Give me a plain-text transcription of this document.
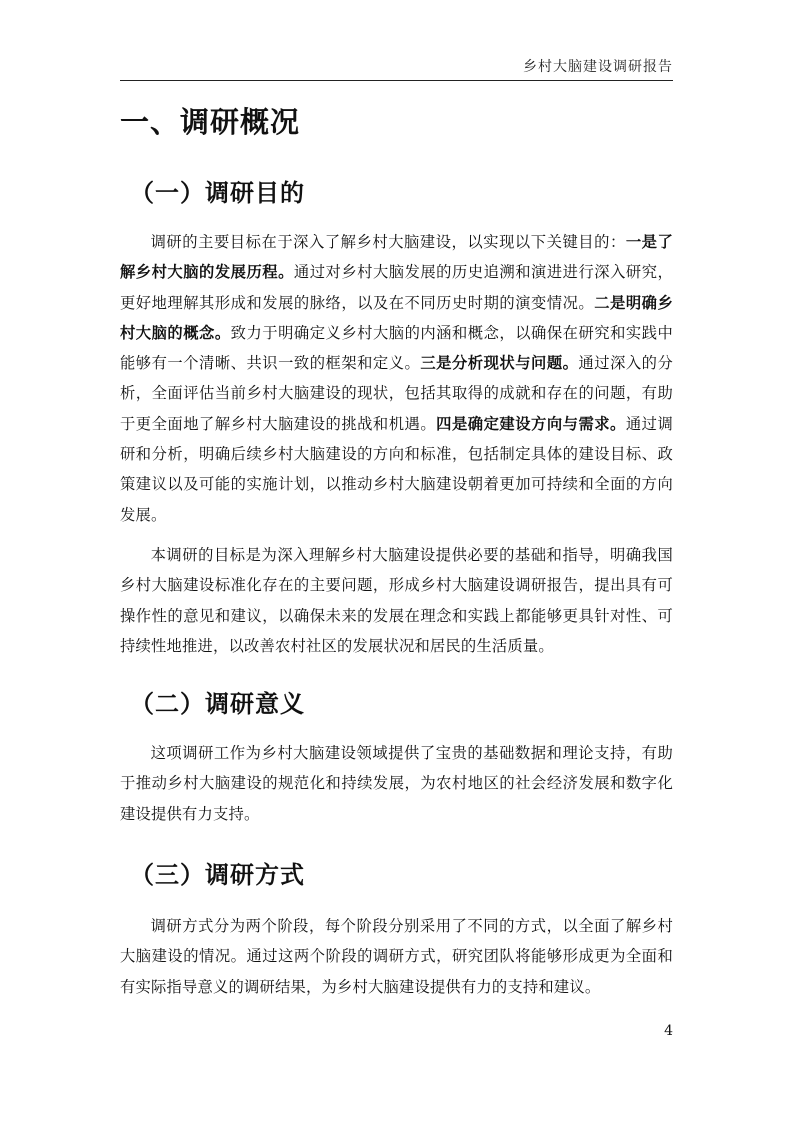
乡村大脑建设调研报告
一、调研概况
（一）调研目的

调研的主要目标在于深入了解乡村大脑建设，以实现以下关键目的：一是了解乡村大脑的发展历程。通过对乡村大脑发展的历史追溯和演进进行深入研究，更好地理解其形成和发展的脉络，以及在不同历史时期的演变情况。二是明确乡村大脑的概念。致力于明确定义乡村大脑的内涵和概念，以确保在研究和实践中能够有一个清晰、共识一致的框架和定义。三是分析现状与问题。通过深入的分析，全面评估当前乡村大脑建设的现状，包括其取得的成就和存在的问题，有助于更全面地了解乡村大脑建设的挑战和机遇。四是确定建设方向与需求。通过调研和分析，明确后续乡村大脑建设的方向和标准，包括制定具体的建设目标、政策建议以及可能的实施计划，以推动乡村大脑建设朝着更加可持续和全面的方向发展。

本调研的目标是为深入理解乡村大脑建设提供必要的基础和指导，明确我国乡村大脑建设标准化存在的主要问题，形成乡村大脑建设调研报告，提出具有可操作性的意见和建议，以确保未来的发展在理念和实践上都能够更具针对性、可持续性地推进，以改善农村社区的发展状况和居民的生活质量。

（二）调研意义

这项调研工作为乡村大脑建设领域提供了宝贵的基础数据和理论支持，有助于推动乡村大脑建设的规范化和持续发展，为农村地区的社会经济发展和数字化建设提供有力支持。

（三）调研方式

调研方式分为两个阶段，每个阶段分别采用了不同的方式，以全面了解乡村大脑建设的情况。通过这两个阶段的调研方式，研究团队将能够形成更为全面和有实际指导意义的调研结果，为乡村大脑建设提供有力的支持和建议。

4
